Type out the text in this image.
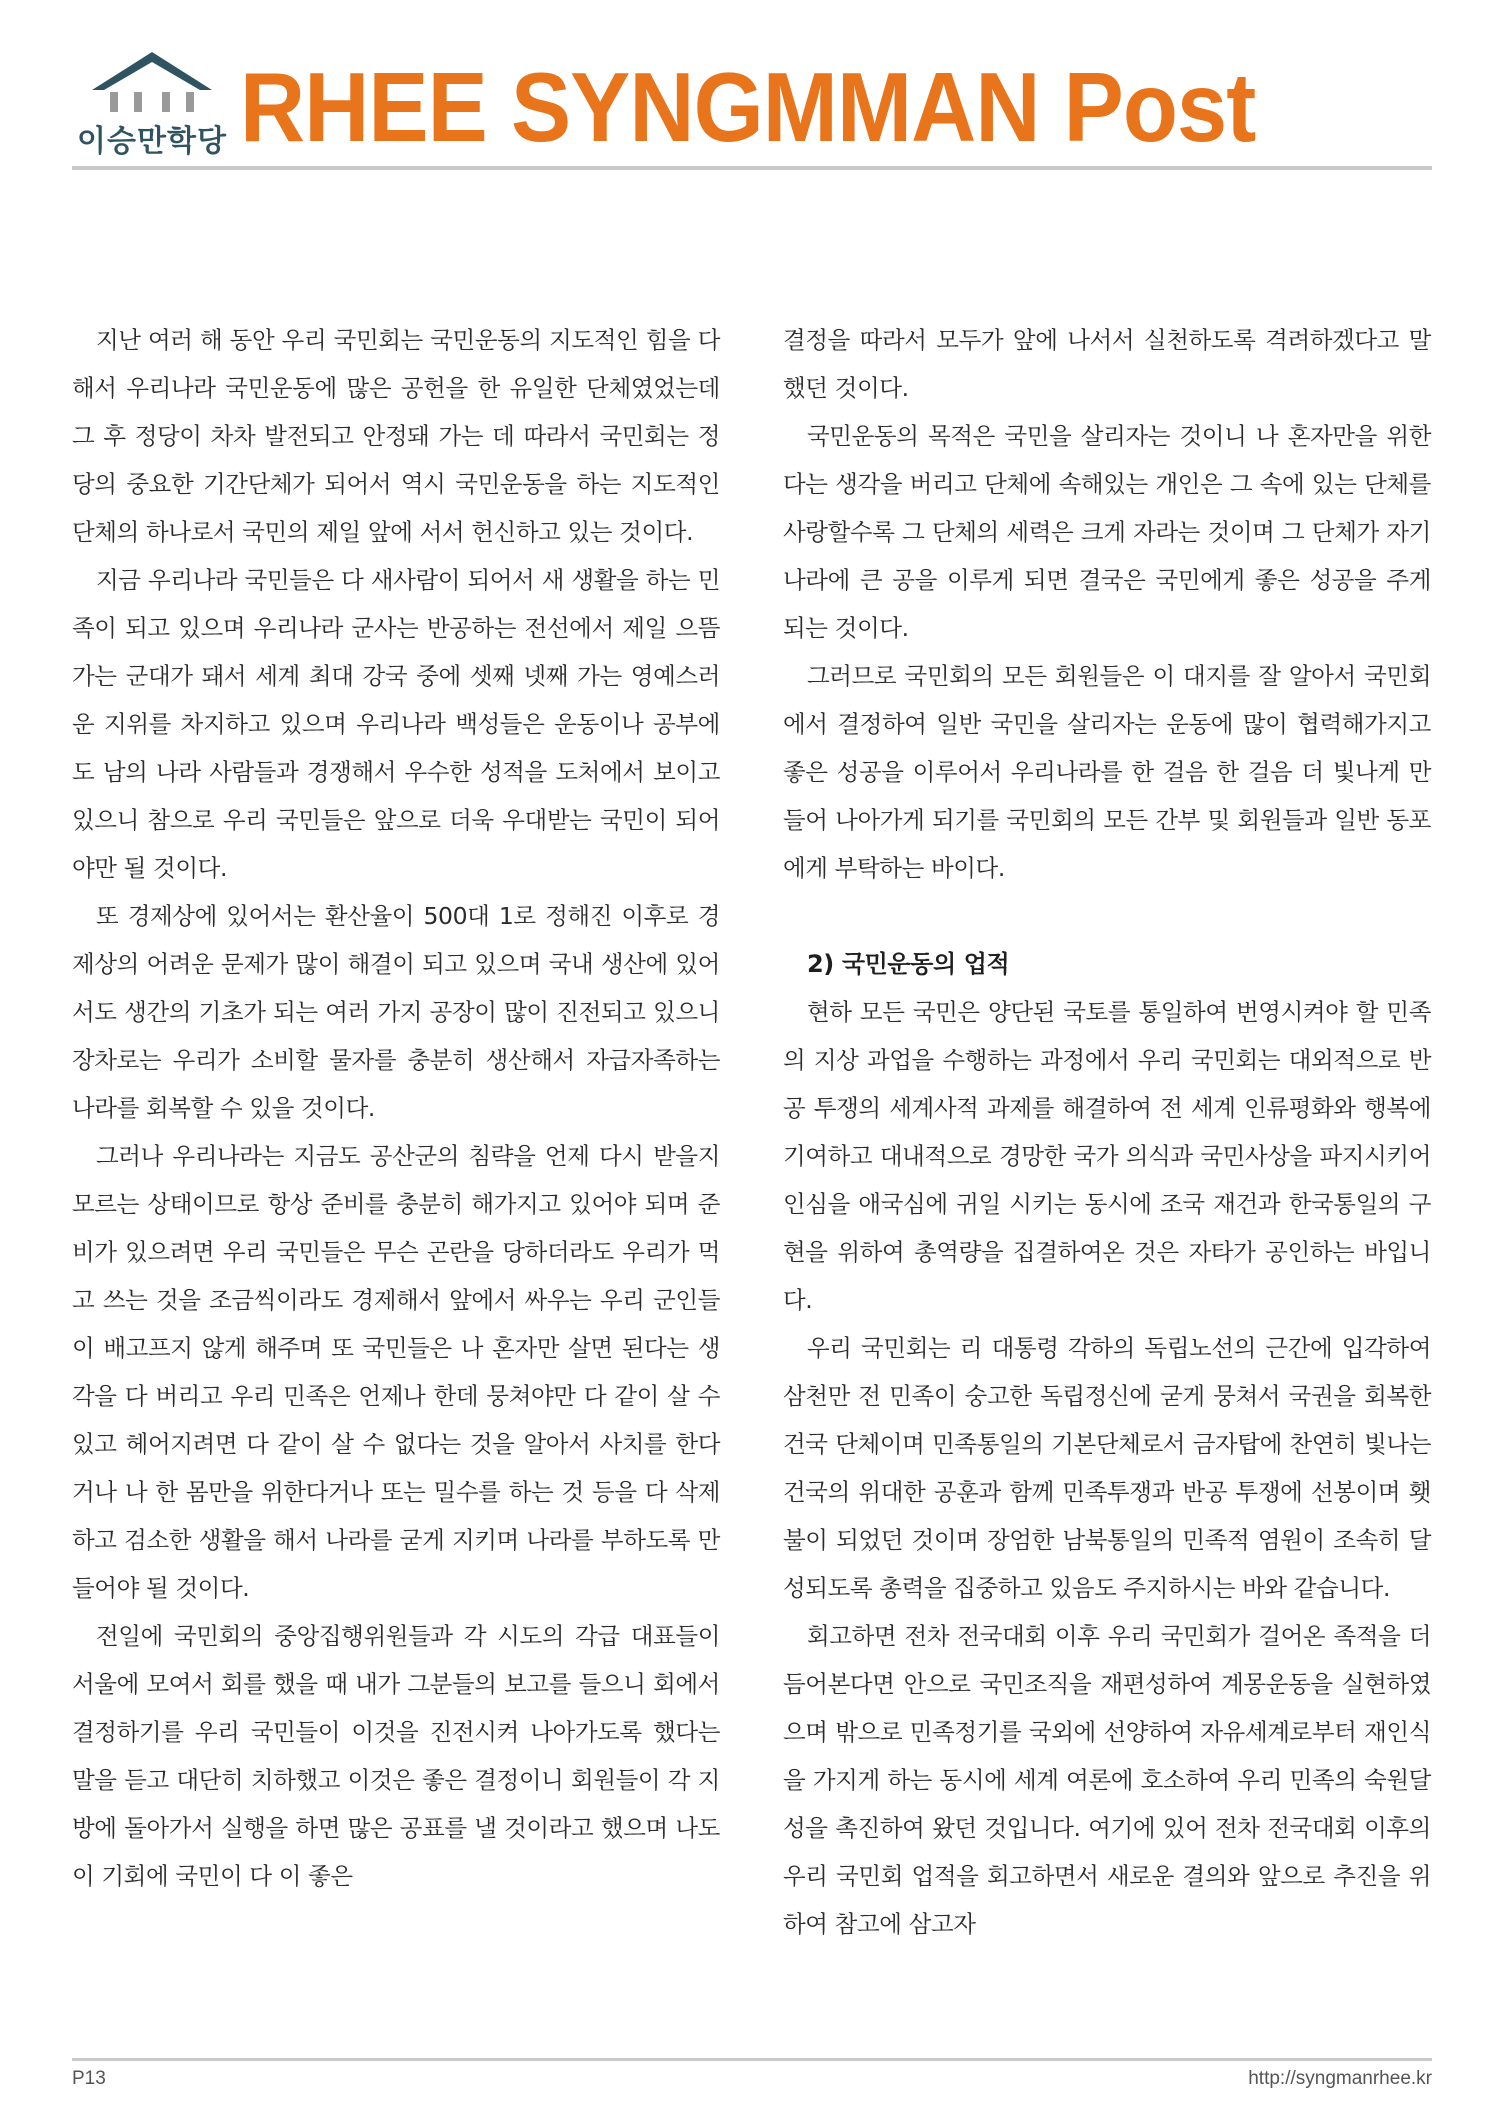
이승만학당 RHEE SYNGMMAN Post

지난 여러 해 동안 우리 국민회는 국민운동의 지도적인 힘을 다해서 우리나라 국민운동에 많은 공헌을 한 유일한 단체였었는데 그 후 정당이 차차 발전되고 안정돼 가는 데 따라서 국민회는 정당의 중요한 기간단체가 되어서 역시 국민운동을 하는 지도적인 단체의 하나로서 국민의 제일 앞에 서서 헌신하고 있는 것이다.

지금 우리나라 국민들은 다 새사람이 되어서 새 생활을 하는 민족이 되고 있으며 우리나라 군사는 반공하는 전선에서 제일 으뜸가는 군대가 돼서 세계 최대 강국 중에 셋째 넷째 가는 영예스러운 지위를 차지하고 있으며 우리나라 백성들은 운동이나 공부에도 남의 나라 사람들과 경쟁해서 우수한 성적을 도처에서 보이고 있으니 참으로 우리 국민들은 앞으로 더욱 우대받는 국민이 되어야만 될 것이다.

또 경제상에 있어서는 환산율이 500대 1로 정해진 이후로 경제상의 어려운 문제가 많이 해결이 되고 있으며 국내 생산에 있어서도 생간의 기초가 되는 여러 가지 공장이 많이 진전되고 있으니 장차로는 우리가 소비할 물자를 충분히 생산해서 자급자족하는 나라를 회복할 수 있을 것이다.

그러나 우리나라는 지금도 공산군의 침략을 언제 다시 받을지 모르는 상태이므로 항상 준비를 충분히 해가지고 있어야 되며 준비가 있으려면 우리 국민들은 무슨 곤란을 당하더라도 우리가 먹고 쓰는 것을 조금씩이라도 경제해서 앞에서 싸우는 우리 군인들이 배고프지 않게 해주며 또 국민들은 나 혼자만 살면 된다는 생각을 다 버리고 우리 민족은 언제나 한데 뭉쳐야만 다 같이 살 수 있고 헤어지려면 다 같이 살 수 없다는 것을 알아서 사치를 한다거나 나 한 몸만을 위한다거나 또는 밀수를 하는 것 등을 다 삭제하고 검소한 생활을 해서 나라를 굳게 지키며 나라를 부하도록 만들어야 될 것이다.

전일에 국민회의 중앙집행위원들과 각 시도의 각급 대표들이 서울에 모여서 회를 했을 때 내가 그분들의 보고를 들으니 회에서 결정하기를 우리 국민들이 이것을 진전시켜 나아가도록 했다는 말을 듣고 대단히 치하했고 이것은 좋은 결정이니 회원들이 각 지방에 돌아가서 실행을 하면 많은 공표를 낼 것이라고 했으며 나도 이 기회에 국민이 다 이 좋은

결정을 따라서 모두가 앞에 나서서 실천하도록 격려하겠다고 말했던 것이다.

국민운동의 목적은 국민을 살리자는 것이니 나 혼자만을 위한다는 생각을 버리고 단체에 속해있는 개인은 그 속에 있는 단체를 사랑할수록 그 단체의 세력은 크게 자라는 것이며 그 단체가 자기 나라에 큰 공을 이루게 되면 결국은 국민에게 좋은 성공을 주게 되는 것이다.

그러므로 국민회의 모든 회원들은 이 대지를 잘 알아서 국민회에서 결정하여 일반 국민을 살리자는 운동에 많이 협력해가지고 좋은 성공을 이루어서 우리나라를 한 걸음 한 걸음 더 빛나게 만들어 나아가게 되기를 국민회의 모든 간부 및 회원들과 일반 동포에게 부탁하는 바이다.

2) 국민운동의 업적

현하 모든 국민은 양단된 국토를 통일하여 번영시켜야 할 민족의 지상 과업을 수행하는 과정에서 우리 국민회는 대외적으로 반공 투쟁의 세계사적 과제를 해결하여 전 세계 인류평화와 행복에 기여하고 대내적으로 경망한 국가 의식과 국민사상을 파지시키어 인심을 애국심에 귀일 시키는 동시에 조국 재건과 한국통일의 구현을 위하여 총역량을 집결하여온 것은 자타가 공인하는 바입니다.

우리 국민회는 리 대통령 각하의 독립노선의 근간에 입각하여 삼천만 전 민족이 숭고한 독립정신에 굳게 뭉쳐서 국권을 회복한 건국 단체이며 민족통일의 기본단체로서 금자탑에 찬연히 빛나는 건국의 위대한 공훈과 함께 민족투쟁과 반공 투쟁에 선봉이며 횃불이 되었던 것이며 장엄한 남북통일의 민족적 염원이 조속히 달성되도록 총력을 집중하고 있음도 주지하시는 바와 같습니다.

회고하면 전차 전국대회 이후 우리 국민회가 걸어온 족적을 더듬어본다면 안으로 국민조직을 재편성하여 계몽운동을 실현하였으며 밖으로 민족정기를 국외에 선양하여 자유세계로부터 재인식을 가지게 하는 동시에 세계 여론에 호소하여 우리 민족의 숙원달성을 촉진하여 왔던 것입니다. 여기에 있어 전차 전국대회 이후의 우리 국민회 업적을 회고하면서 새로운 결의와 앞으로 추진을 위하여 참고에 삼고자

P13	http://syngmanrhee.kr
